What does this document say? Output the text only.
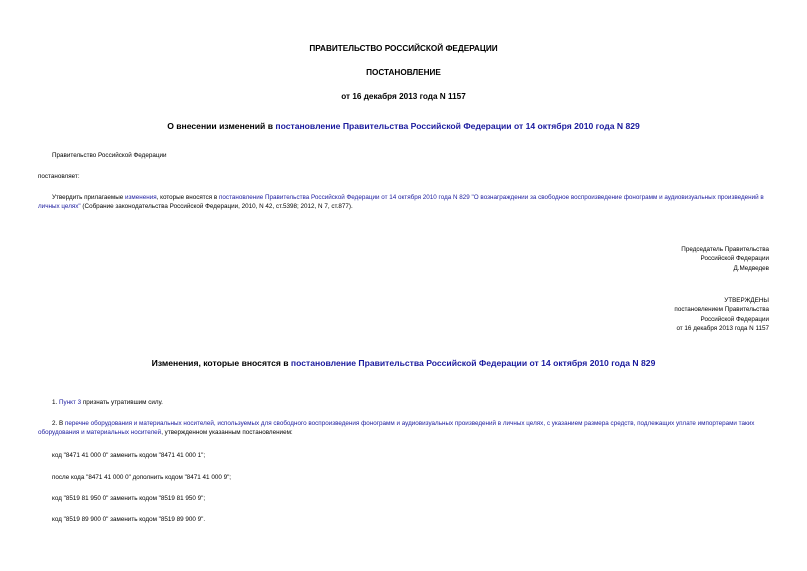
ПРАВИТЕЛЬСТВО РОССИЙСКОЙ ФЕДЕРАЦИИ
ПОСТАНОВЛЕНИЕ
от 16 декабря 2013 года N 1157
О внесении изменений в постановление Правительства Российской Федерации от 14 октября 2010 года N 829
Правительство Российской Федерации
постановляет:
Утвердить прилагаемые изменения, которые вносятся в постановление Правительства Российской Федерации от 14 октября 2010 года N 829 "О вознаграждении за свободное воспроизведение фонограмм и аудиовизуальных произведений в личных целях" (Собрание законодательства Российской Федерации, 2010, N 42, ст.5398; 2012, N 7, ст.877).
Председатель Правительства
Российской Федерации
Д.Медведев
УТВЕРЖДЕНЫ
постановлением Правительства
Российской Федерации
от 16 декабря 2013 года N 1157
Изменения, которые вносятся в постановление Правительства Российской Федерации от 14 октября 2010 года N 829
1. Пункт 3 признать утратившим силу.
2. В перечне оборудования и материальных носителей, используемых для свободного воспроизведения фонограмм и аудиовизуальных произведений в личных целях, с указанием размера средств, подлежащих уплате импортерами таких оборудования и материальных носителей, утвержденном указанным постановлением:
код "8471 41 000 0" заменить кодом "8471 41 000 1";
после кода "8471 41 000 0" дополнить кодом "8471 41 000 9";
код "8519 81 950 0" заменить кодом "8519 81 950 9";
код "8519 89 900 0" заменить кодом "8519 89 900 9".
